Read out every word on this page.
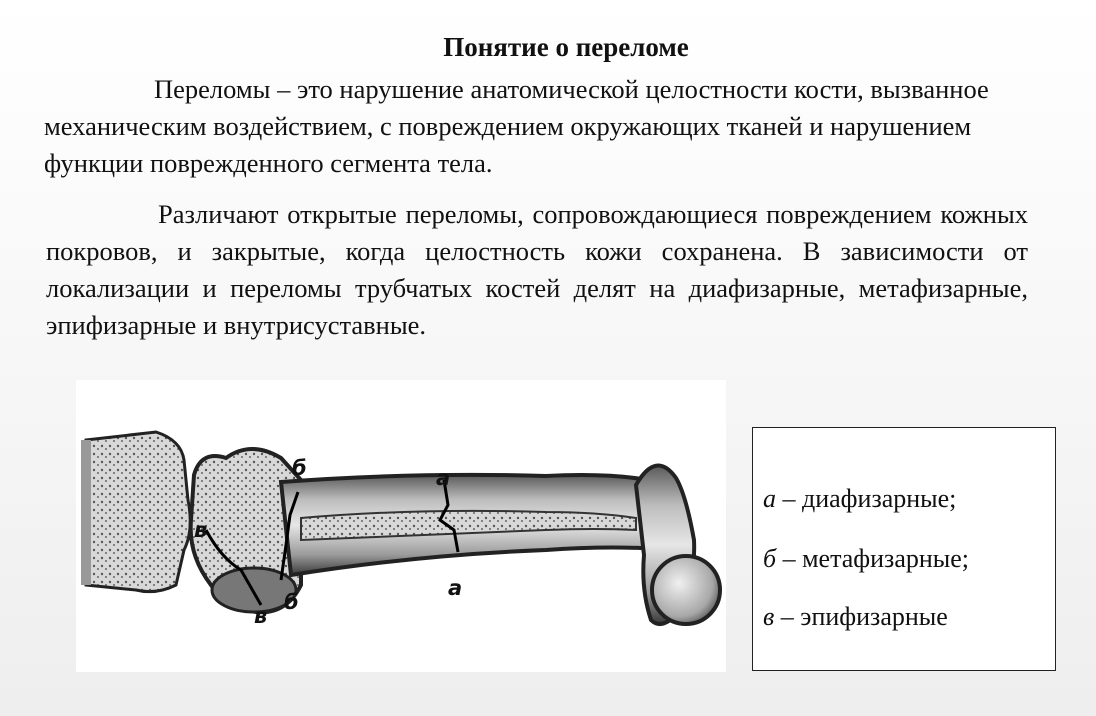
Понятие о переломе
Переломы – это нарушение анатомической целостности кости, вызванное механическим воздействием, с повреждением окружающих тканей и нарушением функции поврежденного сегмента тела.
Различают открытые переломы, сопровождающиеся повреждением кожных покровов, и закрытые, когда целостность кожи сохранена. В зависимости от локализации и переломы трубчатых костей делят на диафизарные, метафизарные, эпифизарные и внутрисуставные.
б	а
в
б
а
в
а – диафизарные;
б – метафизарные;
в – эпифизарные
